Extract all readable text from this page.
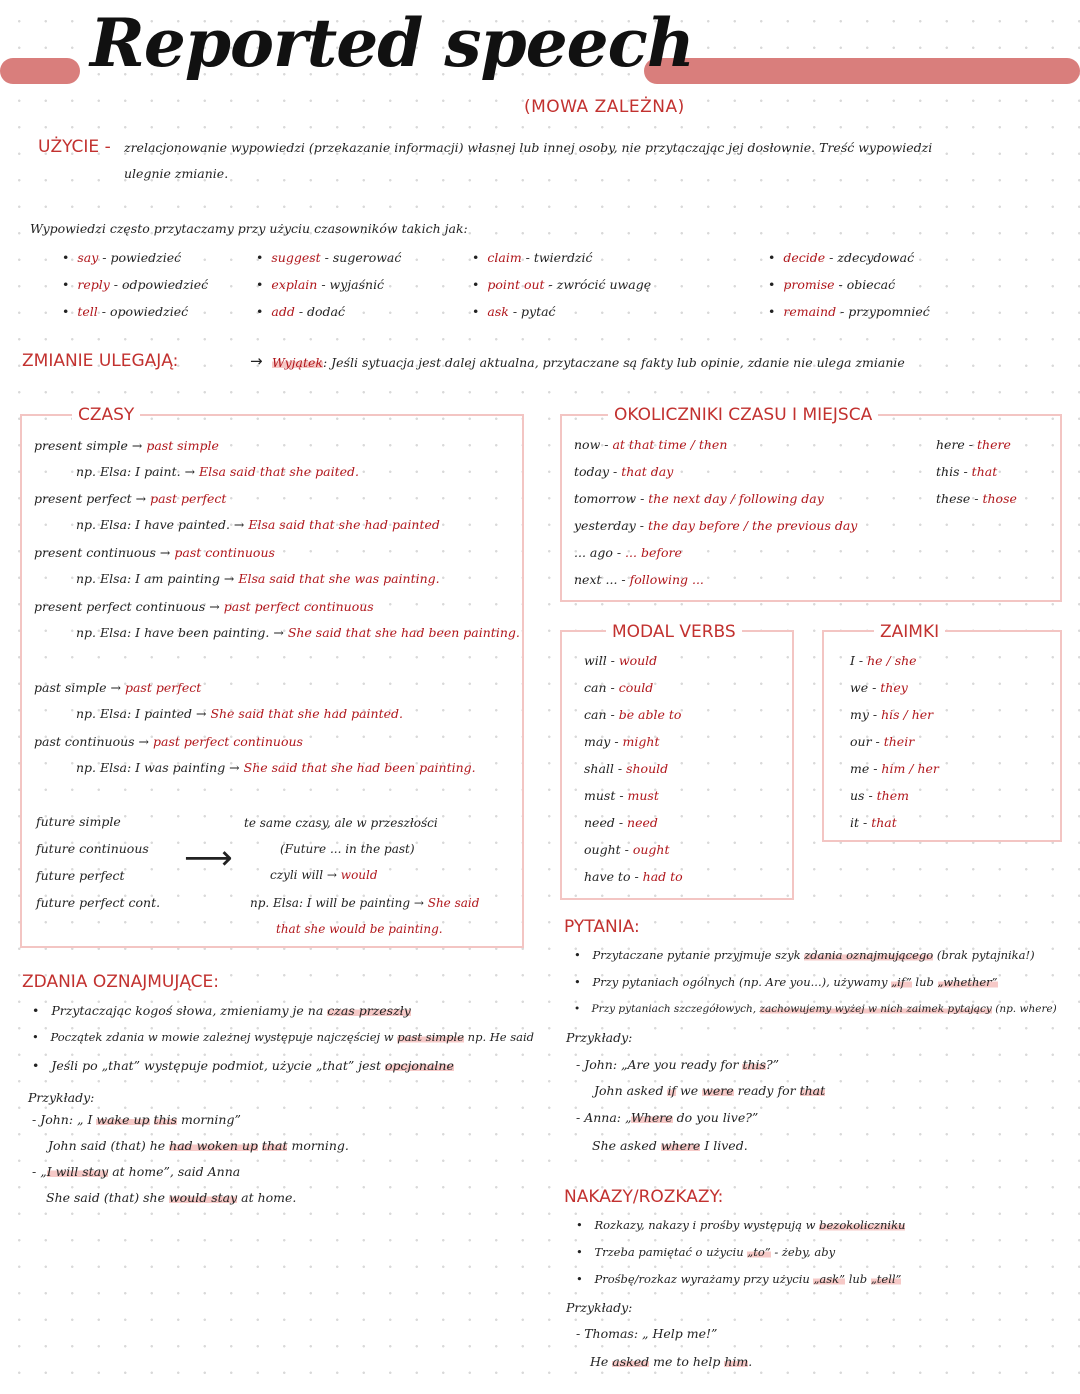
Reported speech
(MOWA ZALEŻNA)
UŻYCIE - zrelacjonowanie wypowiedzi (przekazanie informacji) własnej lub innej osoby, nie przytaczając jej dosłownie. Treść wypowiedzi
ulegnie zmianie.
Wypowiedzi często przytaczamy przy użyciu czasowników takich jak:
• say - powiedzieć
• reply - odpowiedzieć
• tell - opowiedzieć
• suggest - sugerować
• explain - wyjaśnić
• add - dodać
• claim - twierdzić
• point out - zwrócić uwagę
• ask - pytać
• decide - zdecydować
• promise - obiecać
• remaind - przypomnieć
ZMIANIE ULEGAJĄ:	→ Wyjątek: Jeśli sytuacja jest dalej aktualna, przytaczane są fakty lub opinie, zdanie nie ulega zmianie
CZASY
present simple → past simple
np. Elsa: I paint. → Elsa said that she paited.
present perfect → past perfect
np. Elsa: I have painted. → Elsa said that she had painted
present continuous → past continuous
np. Elsa: I am painting → Elsa said that she was painting.
present perfect continuous → past perfect continuous
np. Elsa: I have been painting. → She said that she had been painting.
past simple → past perfect
np. Elsa: I painted → She said that she had painted.
past continuous → past perfect continuous
np. Elsa: I was painting → She said that she had been painting.
future simple
future continuous
future perfect
future perfect cont.
⟶
te same czasy, ale w przeszłości
(Future ... in the past)
czyli will → would
np. Elsa: I will be painting → She said
that she would be painting.
OKOLICZNIKI CZASU I MIEJSCA
now - at that time / then
today - that day
tomorrow - the next day / following day
yesterday - the day before / the previous day
... ago - ... before
next ... - following ...
here - there
this - that
these - those
MODAL VERBS
will - would
can - could
can - be able to
may - might
shall - should
must - must
need - need
ought - ought
have to - had to
ZAIMKI
I - he / she
we - they
my - his / her
our - their
me - him / her
us - them
it - that
ZDANIA OZNAJMUJĄCE:
• Przytaczając kogoś słowa, zmieniamy je na czas przeszły
• Początek zdania w mowie zależnej występuje najczęściej w past simple np. He said
• Jeśli po „that” występuje podmiot, użycie „that” jest opcjonalne
Przykłady:
- John: „ I wake up this morning”
John said (that) he had woken up that morning.
- „I will stay at home”, said Anna
She said (that) she would stay at home.
PYTANIA:
• Przytaczane pytanie przyjmuje szyk zdania oznajmującego (brak pytajnika!)
• Przy pytaniach ogólnych (np. Are you...), używamy „if” lub „whether”
• Przy pytaniach szczegółowych, zachowujemy wyżej w nich zaimek pytający (np. where)
Przykłady:
- John: „Are you ready for this?”
John asked if we were ready for that
- Anna: „Where do you live?”
She asked where I lived.
NAKAZY/ROZKAZY:
• Rozkazy, nakazy i prośby występują w bezokoliczniku
• Trzeba pamiętać o użyciu „to” - żeby, aby
• Prośbę/rozkaz wyrażamy przy użyciu „ask” lub „tell”
Przykłady:
- Thomas: „ Help me!”
He asked me to help him.
